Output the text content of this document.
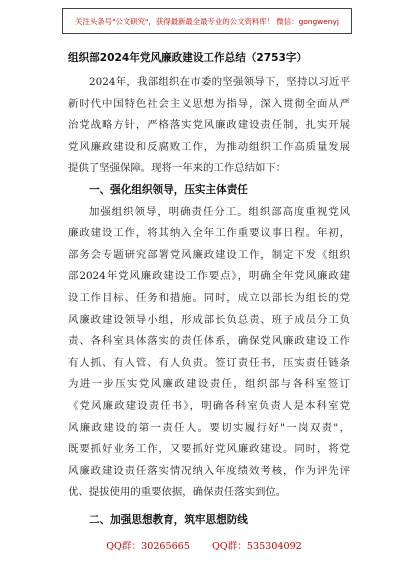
关注头条号"公文研究"，获得最新最全最专业的公文资料库！ 微信：gongwenyj
组织部2024年党风廉政建设工作总结（2753字）
2024年，我部组织在市委的坚强领导下，坚持以习近平
新时代中国特色社会主义思想为指导，深入贯彻全面从严
治党战略方针，严格落实党风廉政建设责任制，扎实开展
党风廉政建设和反腐败工作，为推动组织工作高质量发展
提供了坚强保障。现将一年来的工作总结如下：
一、强化组织领导，压实主体责任
加强组织领导，明确责任分工。组织部高度重视党风
廉政建设工作，将其纳入全年工作重要议事日程。年初，
部务会专题研究部署党风廉政建设工作，制定下发《组织
部2024年党风廉政建设工作要点》，明确全年党风廉政建
设工作目标、任务和措施。同时，成立以部长为组长的党
风廉政建设领导小组，形成部长负总责、班子成员分工负
责、各科室具体落实的责任体系，确保党风廉政建设工作
有人抓、有人管、有人负责。签订责任书，压实责任链条
为进一步压实党风廉政建设责任，组织部与各科室签订
《党风廉政建设责任书》，明确各科室负责人是本科室党
风廉政建设的第一责任人。要切实履行好"一岗双责"，
既要抓好业务工作，又要抓好党风廉政建设。同时，将党
风廉政建设责任落实情况纳入年度绩效考核，作为评先评
优、提拔使用的重要依据，确保责任落实到位。
二、加强思想教育，筑牢思想防线
QQ群：30265665 QQ群：535304092
